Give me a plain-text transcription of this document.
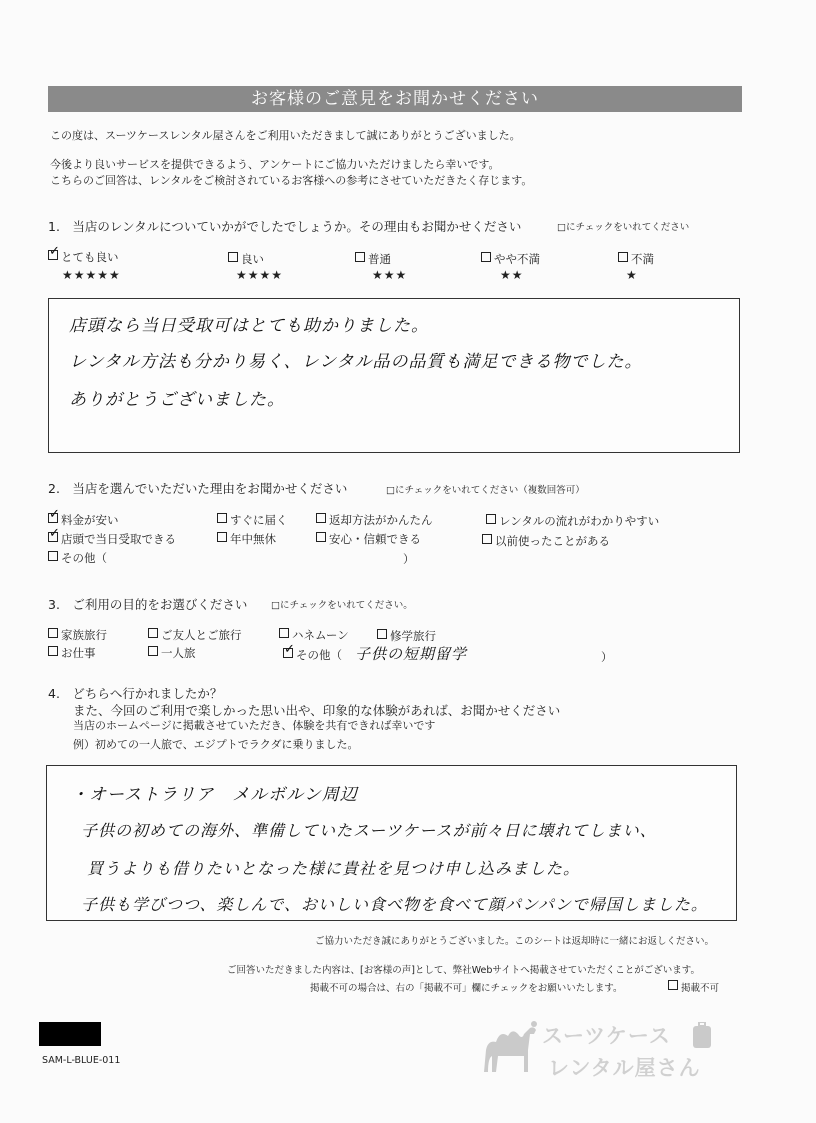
お客様のご意見をお聞かせください
この度は、スーツケースレンタル屋さんをご利用いただきまして誠にありがとうございました。
今後より良いサービスを提供できるよう、アンケートにご協力いただけましたら幸いです。
こちらのご回答は、レンタルをご検討されているお客様への参考にさせていただきたく存じます。
1.　当店のレンタルについていかがでしたでしょうか。その理由もお聞かせください	□にチェックをいれてください
✓とても良い
★★★★★
良い
★★★★
普通
★★★
やや不満
★★
不満
★
店頭なら当日受取可はとても助かりました。
レンタル方法も分かり易く、レンタル品の品質も満足できる物でした。
ありがとうございました。
2.　当店を選んでいただいた理由をお聞かせください	□にチェックをいれてください（複数回答可）
✓料金が安い	すぐに届く	返却方法がかんたん	レンタルの流れがわかりやすい
✓店頭で当日受取できる	年中無休	安心・信頼できる	以前使ったことがある
その他（	）
3.　ご利用の目的をお選びください □にチェックをいれてください。
家族旅行	ご友人とご旅行	ハネムーン	修学旅行
お仕事	一人旅
✓	その他（ 子供の短期留学	）
4.　どちらへ行かれましたか？
また、今回のご利用で楽しかった思い出や、印象的な体験があれば、お聞かせください
当店のホームページに掲載させていただき、体験を共有できれば幸いです
例）初めての一人旅で、エジプトでラクダに乗りました。
・オーストラリア　メルボルン周辺
子供の初めての海外、準備していたスーツケースが前々日に壊れてしまい、
買うよりも借りたいとなった様に貴社を見つけ申し込みました。
子供も学びつつ、楽しんで、おいしい食べ物を食べて顔パンパンで帰国しました。
ご協力いただき誠にありがとうございました。このシートは返却時に一緒にお返しください。
ご回答いただきました内容は、[お客様の声]として、弊社Webサイトへ掲載させていただくことがございます。
掲載不可の場合は、右の「掲載不可」欄にチェックをお願いいたします。	掲載不可
SAM-L-BLUE-011
スーツケース
レンタル屋さん
